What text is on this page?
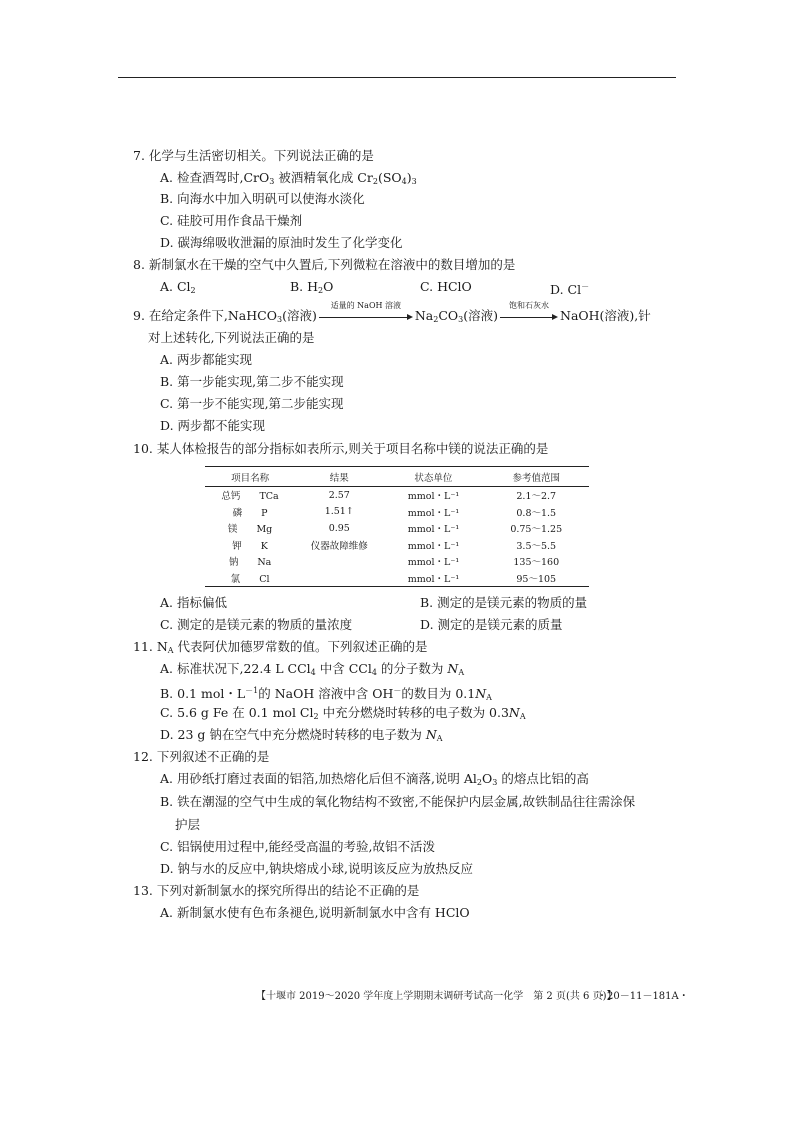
7. 化学与生活密切相关。下列说法正确的是
A. 检查酒驾时,CrO$_3$ 被酒精氧化成 $Cr_2(SO_4)_3$
B. 向海水中加入明矾可以使海水淡化
C. 硅胶可用作食品干燥剂
D. 碳海绵吸收泄漏的原油时发生了化学变化
8. 新制氯水在干燥的空气中久置后,下列微粒在溶液中的数目增加的是
A. $Cl_2$	B. $H_2O$	C. HClO	D. Cl－
9. 在给定条件下,NaHCO$_3$(溶液)
适量的 NaOH 溶液
$Na_2CO_3$(溶液)
饱和石灰水
NaOH(溶液),针
对上述转化,下列说法正确的是
A. 两步都能实现
B. 第一步能实现,第二步不能实现
C. 第一步不能实现,第二步能实现
D. 两步都不能实现
10. 某人体检报告的部分指标如表所示,则关于项目名称中镁的说法正确的是
项目名称	结果	状态单位	参考值范围
总钙　　 TCa	2.57	mmol・L⁻¹	2.1～2.7
磷　　 P	1.51↑	mmol・L⁻¹	0.8～1.5
镁　　 Mg	0.95	mmol・L⁻¹	0.75～1.25
钾　　 K	仪器故障维修	mmol・L⁻¹	3.5～5.5
钠　　 Na		mmol・L⁻¹	135～160
氯　　 Cl		mmol・L⁻¹	95～105
A. 指标偏低	B. 测定的是镁元素的物质的量
C. 测定的是镁元素的物质的量浓度	D. 测定的是镁元素的质量
11. $N_A$ 代表阿伏加德罗常数的值。下列叙述正确的是
A. 标准状况下,22.4 L CCl$_4$ 中含 CCl$_4$ 的分子数为 $N_A$
B. 0.1 mol・$L^{-1}$的 NaOH 溶液中含 OH－的数目为 $0.1N_A$
C. 5.6 g Fe 在 0.1 mol $Cl_2$ 中充分燃烧时转移的电子数为 $0.3N_A$
D. 23 g 钠在空气中充分燃烧时转移的电子数为 $N_A$
12. 下列叙述不正确的是
A. 用砂纸打磨过表面的铝箔,加热熔化后但不滴落,说明 $Al_2O_3$ 的熔点比铝的高
B. 铁在潮湿的空气中生成的氧化物结构不致密,不能保护内层金属,故铁制品往往需涂保
护层
C. 铝锅使用过程中,能经受高温的考验,故铝不活泼
D. 钠与水的反应中,钠块熔成小球,说明该反应为放热反应
13. 下列对新制氯水的探究所得出的结论不正确的是
A. 新制氯水使有色布条褪色,说明新制氯水中含有 HClO
【十堰市 2019～2020 学年度上学期期末调研考试高一化学　第 2 页(共 6 页)】
・20－11－181A・
